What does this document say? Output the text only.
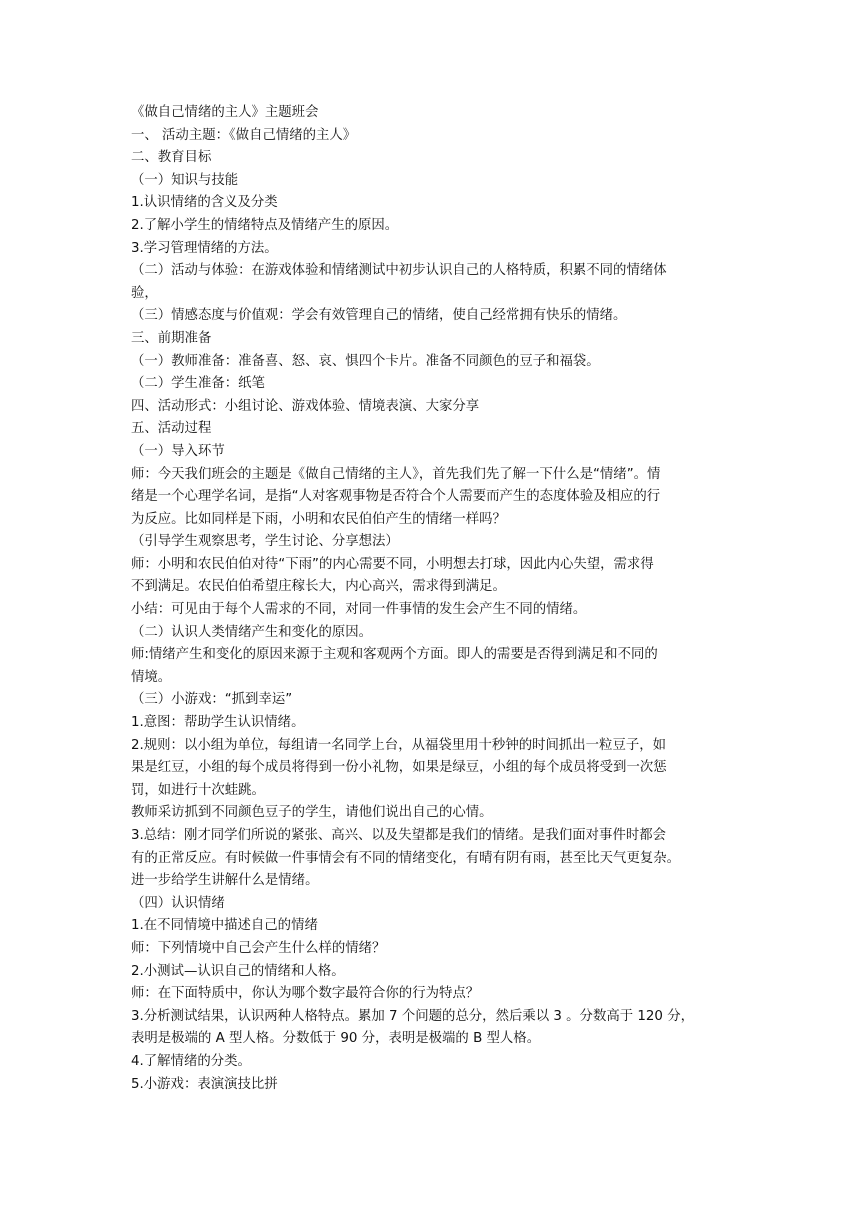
《做自己情绪的主人》主题班会
一、 活动主题：《做自己情绪的主人》
二、教育目标
（一）知识与技能
1.认识情绪的含义及分类
2.了解小学生的情绪特点及情绪产生的原因。
3.学习管理情绪的方法。
（二）活动与体验：在游戏体验和情绪测试中初步认识自己的人格特质，积累不同的情绪体
验，
（三）情感态度与价值观：学会有效管理自己的情绪，使自己经常拥有快乐的情绪。
三、前期准备
（一）教师准备：准备喜、怒、哀、惧四个卡片。准备不同颜色的豆子和福袋。
（二）学生准备：纸笔
四、活动形式：小组讨论、游戏体验、情境表演、大家分享
五、活动过程
（一）导入环节
师：今天我们班会的主题是《做自己情绪的主人》，首先我们先了解一下什么是“情绪”。情
绪是一个心理学名词，是指“人对客观事物是否符合个人需要而产生的态度体验及相应的行
为反应。比如同样是下雨，小明和农民伯伯产生的情绪一样吗？
（引导学生观察思考，学生讨论、分享想法）
师：小明和农民伯伯对待“下雨”的内心需要不同，小明想去打球，因此内心失望，需求得
不到满足。农民伯伯希望庄稼长大，内心高兴，需求得到满足。
小结：可见由于每个人需求的不同，对同一件事情的发生会产生不同的情绪。
（二）认识人类情绪产生和变化的原因。
师:情绪产生和变化的原因来源于主观和客观两个方面。即人的需要是否得到满足和不同的
情境。
（三）小游戏：“抓到幸运”
1.意图：帮助学生认识情绪。
2.规则：以小组为单位，每组请一名同学上台，从福袋里用十秒钟的时间抓出一粒豆子，如
果是红豆，小组的每个成员将得到一份小礼物，如果是绿豆，小组的每个成员将受到一次惩
罚，如进行十次蛙跳。
教师采访抓到不同颜色豆子的学生，请他们说出自己的心情。
3.总结：刚才同学们所说的紧张、高兴、以及失望都是我们的情绪。是我们面对事件时都会
有的正常反应。有时候做一件事情会有不同的情绪变化，有晴有阴有雨，甚至比天气更复杂。
进一步给学生讲解什么是情绪。
（四）认识情绪
1.在不同情境中描述自己的情绪
师：下列情境中自己会产生什么样的情绪？
2.小测试—认识自己的情绪和人格。
师：在下面特质中，你认为哪个数字最符合你的行为特点？
3.分析测试结果，认识两种人格特点。累加 7 个问题的总分，然后乘以 3 。分数高于 120 分，
表明是极端的 A 型人格。分数低于 90 分，表明是极端的 B 型人格。
4.了解情绪的分类。
5.小游戏：表演演技比拼
